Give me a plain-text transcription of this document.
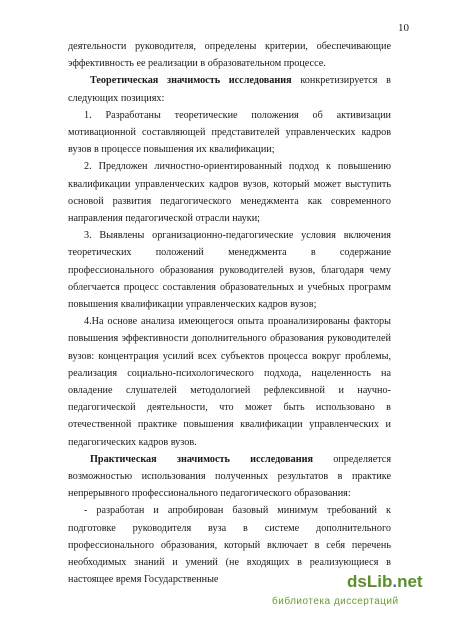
10

деятельности руководителя, определены критерии, обеспечивающие эффективность ее реализации в образовательном процессе.

Теоретическая значимость исследования конкретизируется в следующих позициях:

1. Разработаны теоретические положения об активизации мотивационной составляющей представителей управленческих кадров вузов в процессе повышения их квалификации;

2. Предложен личностно-ориентированный подход к повышению квалификации управленческих кадров вузов, который может выступить основой развития педагогического менеджмента как современного направления педагогической отрасли науки;

3. Выявлены организационно-педагогические условия включения теоретических положений менеджмента в содержание профессионального образования руководителей вузов, благодаря чему облегчается процесс составления образовательных и учебных программ повышения квалификации управленческих кадров вузов;

4.На основе анализа имеющегося опыта проанализированы факторы повышения эффективности дополнительного образования руководителей вузов: концентрация усилий всех субъектов процесса вокруг проблемы, реализация социально-психологического подхода, нацеленность на овладение слушателей методологией рефлексивной и научно-педагогической деятельности, что может быть использовано в отечественной практике повышения квалификации управленческих и педагогических кадров вузов.

Практическая значимость исследования определяется возможностью использования полученных результатов в практике непрерывного профессионального педагогического образования:

- разработан и апробирован базовый минимум требований к подготовке руководителя вуза в системе дополнительного профессионального образования, который включает в себя перечень необходимых знаний и умений (не входящих в реализующиеся в настоящее время Государственные	dsLib.net
библиотека диссертаций
